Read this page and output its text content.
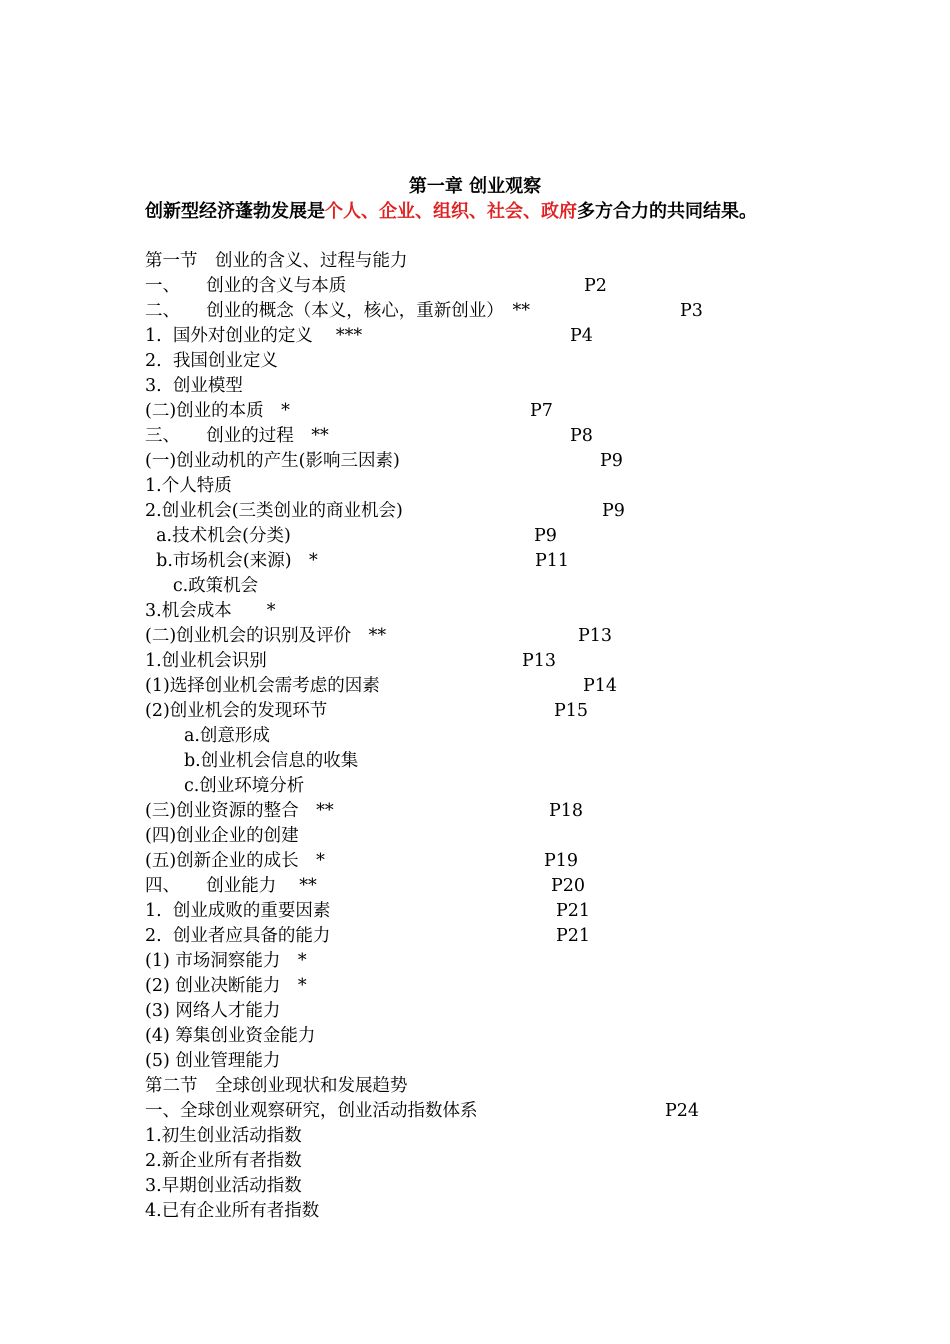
第一章 创业观察
创新型经济蓬勃发展是个人、企业、组织、社会、政府多方合力的共同结果。
第一节　创业的含义、过程与能力
一、　　创业的含义与本质	P2
二、　　创业的概念（本义，核心，重新创业）　**	P3
1.  国外对创业的定义　 ***	P4
2.  我国创业定义
3.  创业模型
(二)创业的本质　*	P7
三、　　创业的过程　**	P8
(一)创业动机的产生(影响三因素)	P9
1.个人特质
2.创业机会(三类创业的商业机会)	P9
a.技术机会(分类)	P9
b.市场机会(来源)　*	P11
c.政策机会
3.机会成本　　*
(二)创业机会的识别及评价　**	P13
1.创业机会识别	P13
(1)选择创业机会需考虑的因素	P14
(2)创业机会的发现环节	P15
a.创意形成
b.创业机会信息的收集
c.创业环境分析
(三)创业资源的整合　**	P18
(四)创业企业的创建
(五)创新企业的成长　*	P19
四、　　创业能力　 **	P20
1.  创业成败的重要因素	P21
2.  创业者应具备的能力	P21
(1) 市场洞察能力　*
(2) 创业决断能力　*
(3) 网络人才能力
(4) 筹集创业资金能力
(5) 创业管理能力
第二节　全球创业现状和发展趋势
一、全球创业观察研究，创业活动指数体系	P24
1.初生创业活动指数
2.新企业所有者指数
3.早期创业活动指数
4.已有企业所有者指数
